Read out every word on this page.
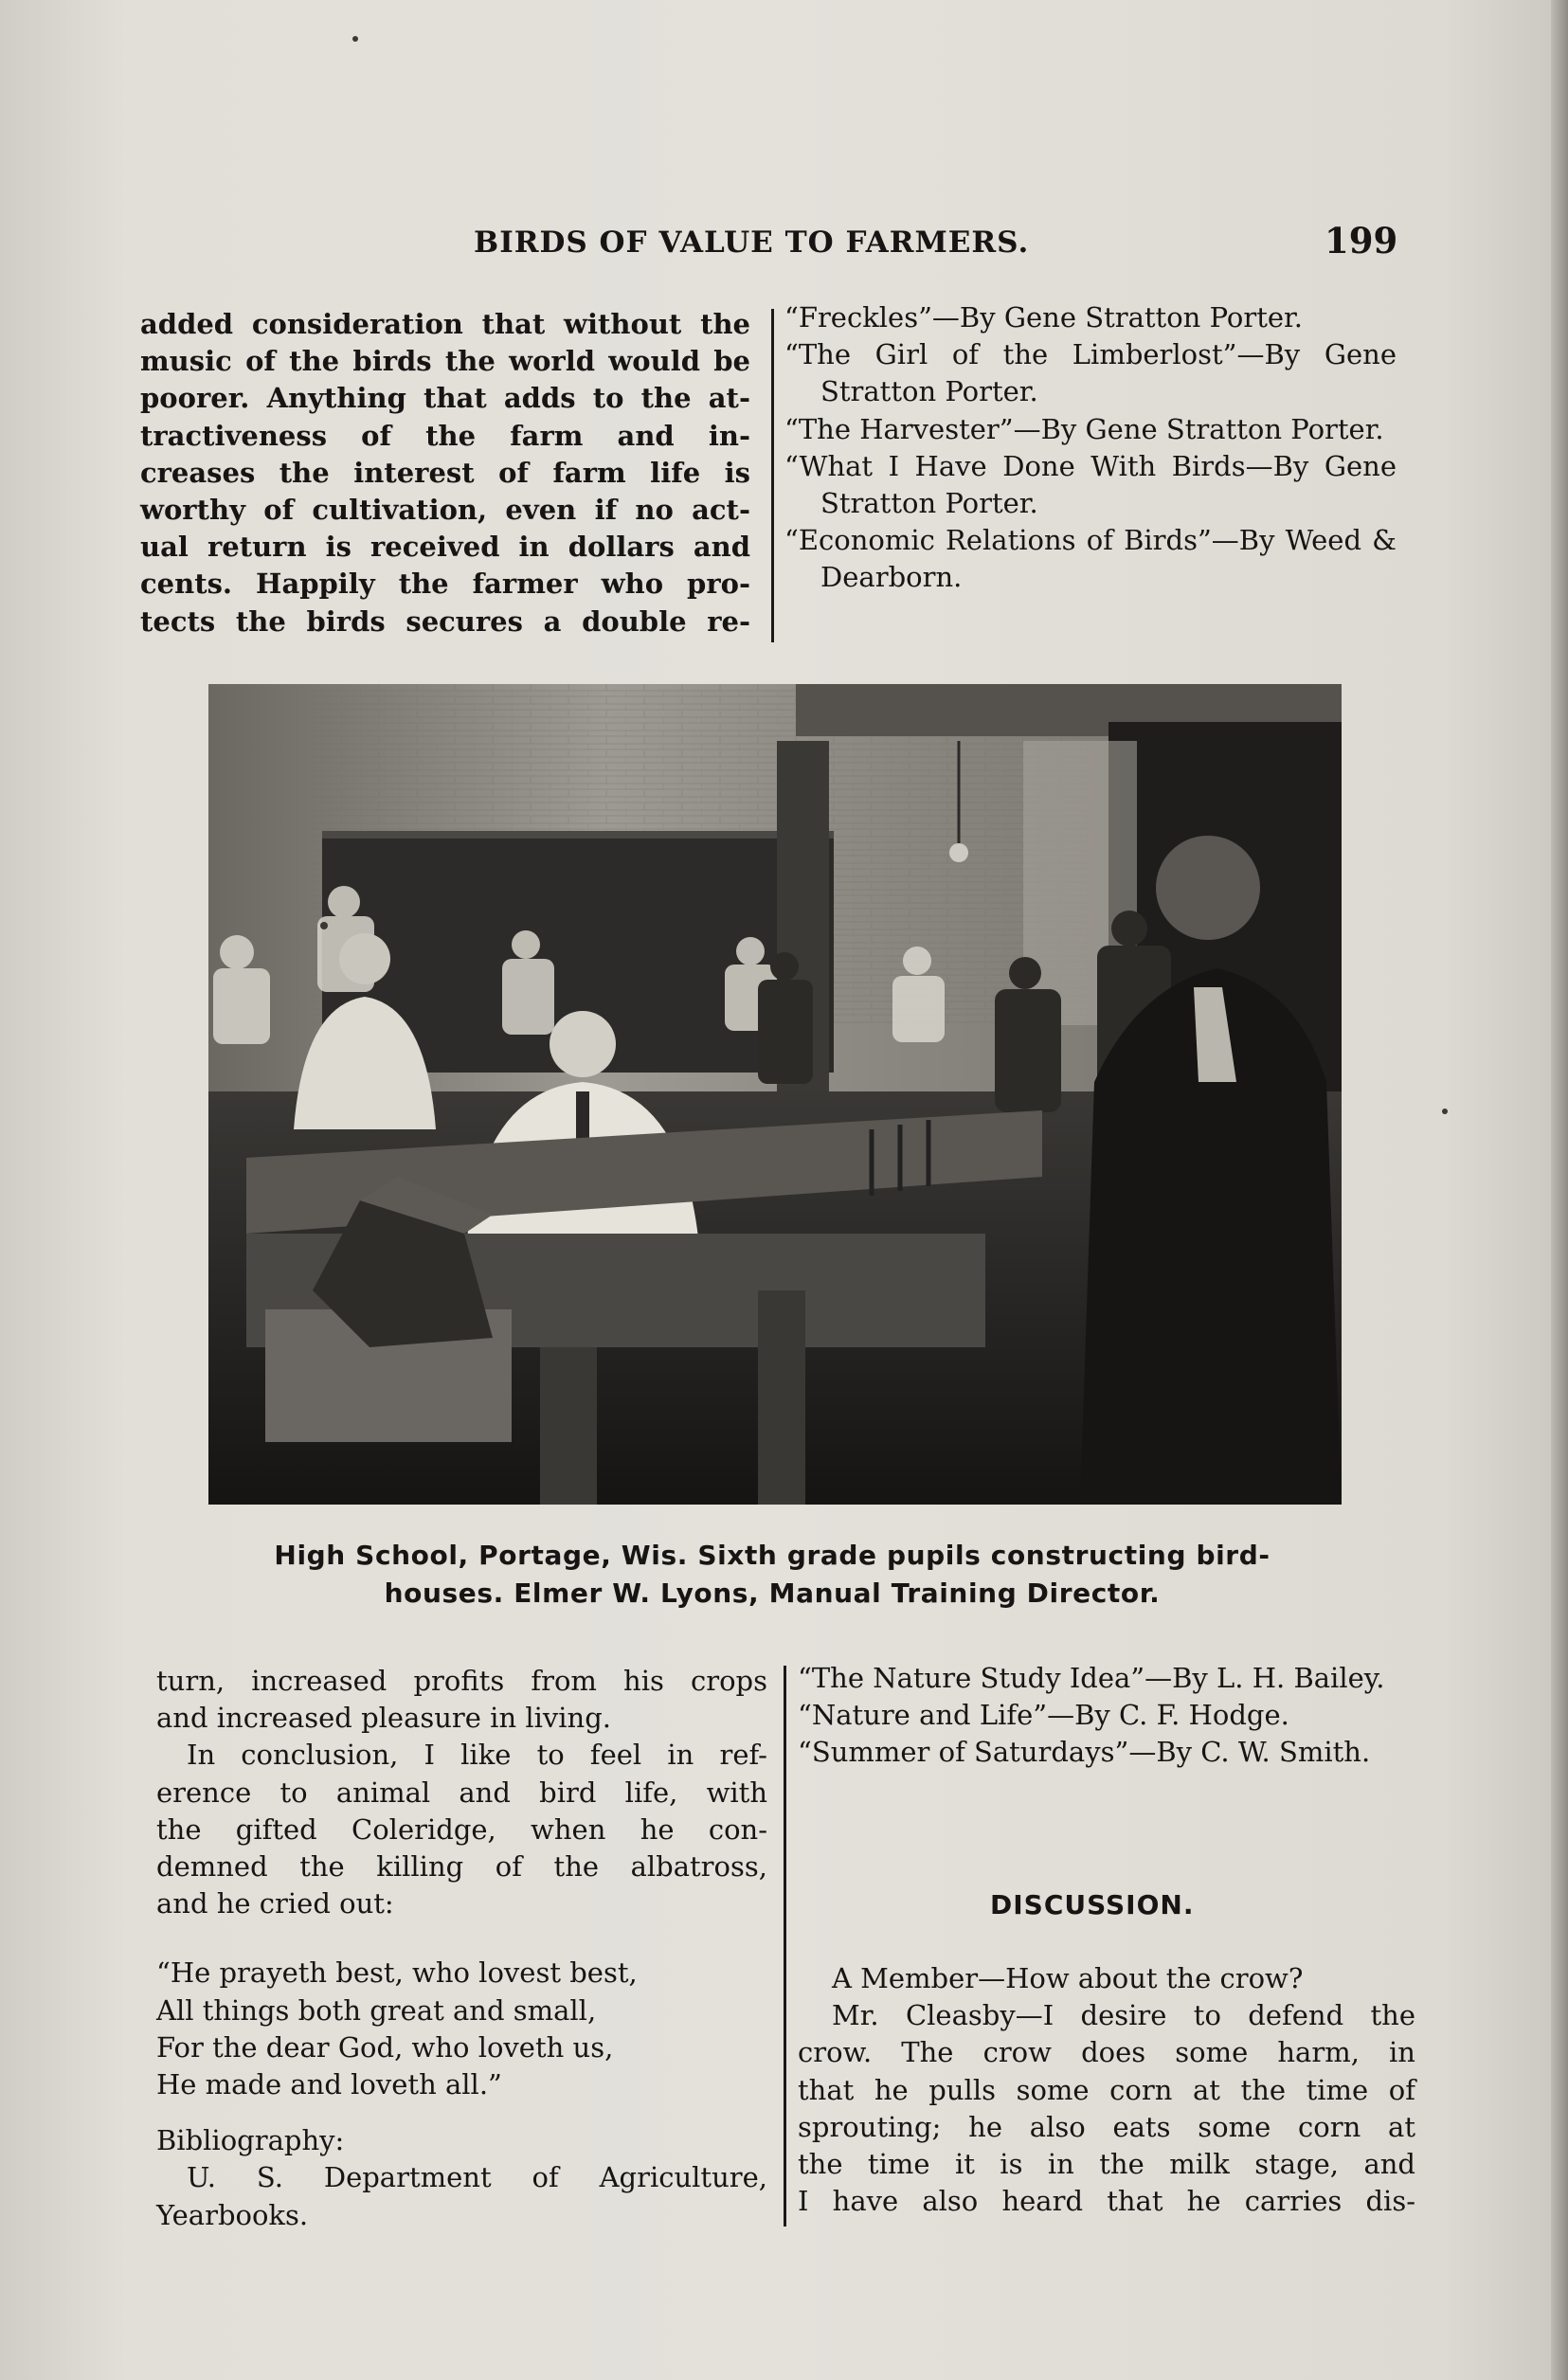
BIRDS OF VALUE TO FARMERS.	199

added consideration that without the

music of the birds the world would be

poorer. Anything that adds to the at-

tractiveness of the farm and in-

creases the interest of farm life is

worthy of cultivation, even if no act-

ual return is received in dollars and

cents. Happily the farmer who pro-

tects the birds secures a double re-

“Freckles”—By Gene Stratton Porter.

“The Girl of the Limberlost”—By Gene Stratton Porter.

“The Harvester”—By Gene Stratton Porter.

“What I Have Done With Birds—By Gene Stratton Porter.

“Economic Relations of Birds”—By Weed & Dearborn.

High School, Portage, Wis. Sixth grade pupils constructing bird-
houses. Elmer W. Lyons, Manual Training Director.

turn, increased profits from his crops

and increased pleasure in living.

In conclusion, I like to feel in ref-

erence to animal and bird life, with

the gifted Coleridge, when he con-

demned the killing of the albatross,

and he cried out:

“He prayeth best, who lovest best,

All things both great and small,

For the dear God, who loveth us,

He made and loveth all.”

Bibliography:

U. S. Department of Agriculture,

Yearbooks.

“The Nature Study Idea”—By L. H. Bailey.

“Nature and Life”—By C. F. Hodge.

“Summer of Saturdays”—By C. W. Smith.

DISCUSSION.

A Member—How about the crow?

Mr. Cleasby—I desire to defend the

crow. The crow does some harm, in

that he pulls some corn at the time of

sprouting; he also eats some corn at

the time it is in the milk stage, and

I have also heard that he carries dis-
